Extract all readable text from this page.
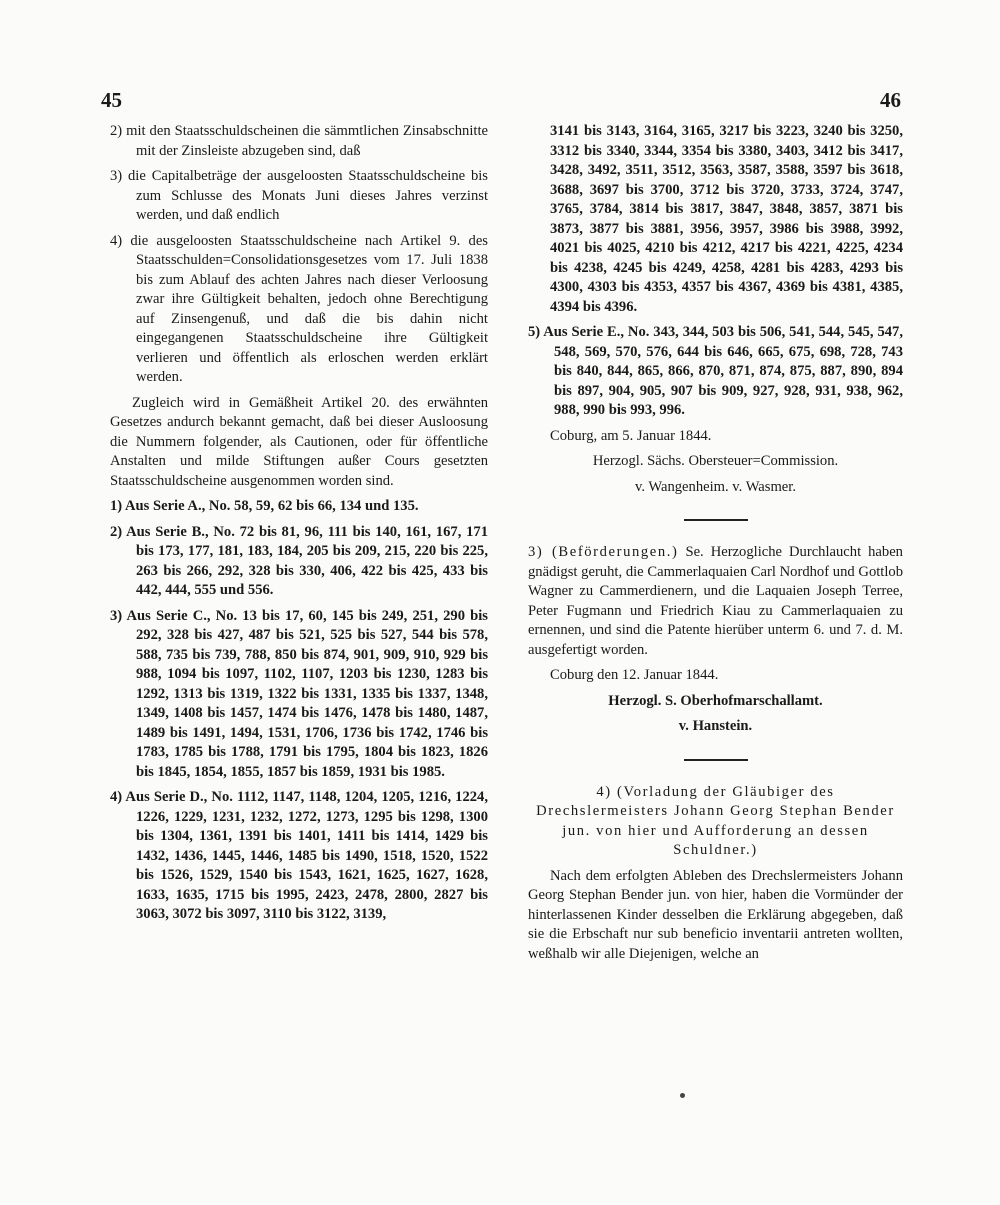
45	46

2) mit den Staatsschuldscheinen die sämmtlichen Zinsabschnitte mit der Zinsleiste abzugeben sind, daß

3) die Capitalbeträge der ausgeloosten Staatsschuldscheine bis zum Schlusse des Monats Juni dieses Jahres verzinst werden, und daß endlich

4) die ausgeloosten Staatsschuldscheine nach Artikel 9. des Staatsschulden=Consolidationsgesetzes vom 17. Juli 1838 bis zum Ablauf des achten Jahres nach dieser Verloosung zwar ihre Gültigkeit behalten, jedoch ohne Berechtigung auf Zinsengenuß, und daß die bis dahin nicht eingegangenen Staatsschuldscheine ihre Gültigkeit verlieren und öffentlich als erloschen werden erklärt werden.

Zugleich wird in Gemäßheit Artikel 20. des erwähnten Gesetzes andurch bekannt gemacht, daß bei dieser Ausloosung die Nummern folgender, als Cautionen, oder für öffentliche Anstalten und milde Stiftungen außer Cours gesetzten Staatsschuldscheine ausgenommen worden sind.

1) Aus Serie A., No. 58, 59, 62 bis 66, 134 und 135.

2) Aus Serie B., No. 72 bis 81, 96, 111 bis 140, 161, 167, 171 bis 173, 177, 181, 183, 184, 205 bis 209, 215, 220 bis 225, 263 bis 266, 292, 328 bis 330, 406, 422 bis 425, 433 bis 442, 444, 555 und 556.

3) Aus Serie C., No. 13 bis 17, 60, 145 bis 249, 251, 290 bis 292, 328 bis 427, 487 bis 521, 525 bis 527, 544 bis 578, 588, 735 bis 739, 788, 850 bis 874, 901, 909, 910, 929 bis 988, 1094 bis 1097, 1102, 1107, 1203 bis 1230, 1283 bis 1292, 1313 bis 1319, 1322 bis 1331, 1335 bis 1337, 1348, 1349, 1408 bis 1457, 1474 bis 1476, 1478 bis 1480, 1487, 1489 bis 1491, 1494, 1531, 1706, 1736 bis 1742, 1746 bis 1783, 1785 bis 1788, 1791 bis 1795, 1804 bis 1823, 1826 bis 1845, 1854, 1855, 1857 bis 1859, 1931 bis 1985.

4) Aus Serie D., No. 1112, 1147, 1148, 1204, 1205, 1216, 1224, 1226, 1229, 1231, 1232, 1272, 1273, 1295 bis 1298, 1300 bis 1304, 1361, 1391 bis 1401, 1411 bis 1414, 1429 bis 1432, 1436, 1445, 1446, 1485 bis 1490, 1518, 1520, 1522 bis 1526, 1529, 1540 bis 1543, 1621, 1625, 1627, 1628, 1633, 1635, 1715 bis 1995, 2423, 2478, 2800, 2827 bis 3063, 3072 bis 3097, 3110 bis 3122, 3139,

3141 bis 3143, 3164, 3165, 3217 bis 3223, 3240 bis 3250, 3312 bis 3340, 3344, 3354 bis 3380, 3403, 3412 bis 3417, 3428, 3492, 3511, 3512, 3563, 3587, 3588, 3597 bis 3618, 3688, 3697 bis 3700, 3712 bis 3720, 3733, 3724, 3747, 3765, 3784, 3814 bis 3817, 3847, 3848, 3857, 3871 bis 3873, 3877 bis 3881, 3956, 3957, 3986 bis 3988, 3992, 4021 bis 4025, 4210 bis 4212, 4217 bis 4221, 4225, 4234 bis 4238, 4245 bis 4249, 4258, 4281 bis 4283, 4293 bis 4300, 4303 bis 4353, 4357 bis 4367, 4369 bis 4381, 4385, 4394 bis 4396.

5) Aus Serie E., No. 343, 344, 503 bis 506, 541, 544, 545, 547, 548, 569, 570, 576, 644 bis 646, 665, 675, 698, 728, 743 bis 840, 844, 865, 866, 870, 871, 874, 875, 887, 890, 894 bis 897, 904, 905, 907 bis 909, 927, 928, 931, 938, 962, 988, 990 bis 993, 996.

Coburg, am 5. Januar 1844.

Herzogl. Sächs. Obersteuer=Commission.

v. Wangenheim. v. Wasmer.

3) (Beförderungen.) Se. Herzogliche Durchlaucht haben gnädigst geruht, die Cammerlaquaien Carl Nordhof und Gottlob Wagner zu Cammerdienern, und die Laquaien Joseph Terree, Peter Fugmann und Friedrich Kiau zu Cammerlaquaien zu ernennen, und sind die Patente hierüber unterm 6. und 7. d. M. ausgefertigt worden.

Coburg den 12. Januar 1844.

Herzogl. S. Oberhofmarschallamt.

v. Hanstein.

4) (Vorladung der Gläubiger des Drechslermeisters Johann Georg Stephan Bender jun. von hier und Aufforderung an dessen Schuldner.)

Nach dem erfolgten Ableben des Drechslermeisters Johann Georg Stephan Bender jun. von hier, haben die Vormünder der hinterlassenen Kinder desselben die Erklärung abgegeben, daß sie die Erbschaft nur sub beneficio inventarii antreten wollten, weßhalb wir alle Diejenigen, welche an
